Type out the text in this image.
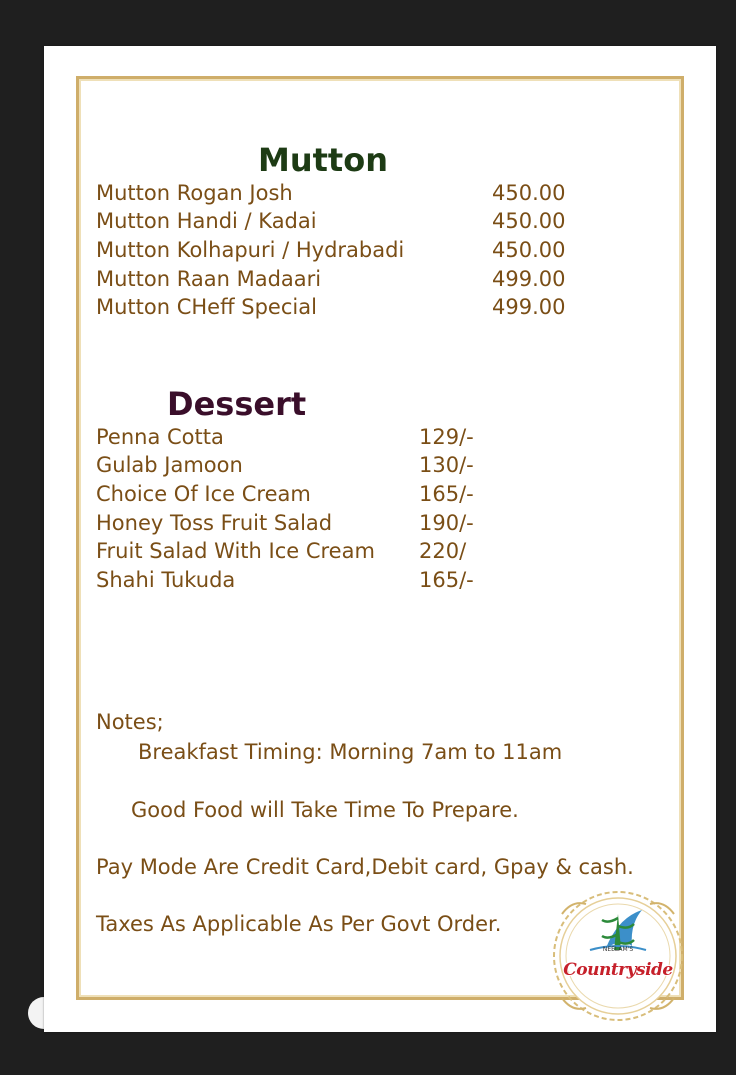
Mutton

Mutton Rogan Josh	450.00

Mutton Handi / Kadai	450.00

Mutton Kolhapuri / Hydrabadi	450.00

Mutton Raan Madaari	499.00

Mutton CHeff Special	499.00

Dessert

Penna Cotta	129/-

Gulab Jamoon	130/-

Choice Of Ice Cream	165/-

Honey Toss Fruit Salad	190/-

Fruit Salad With Ice Cream 220/

Shahi Tukuda	165/-

Notes;

Breakfast Timing: Morning 7am to 11am

Good Food will Take Time To Prepare.

Pay Mode Are Credit Card,Debit card, Gpay & cash.

Taxes As Applicable As Per Govt Order.

NEELAM'S
Countryside
